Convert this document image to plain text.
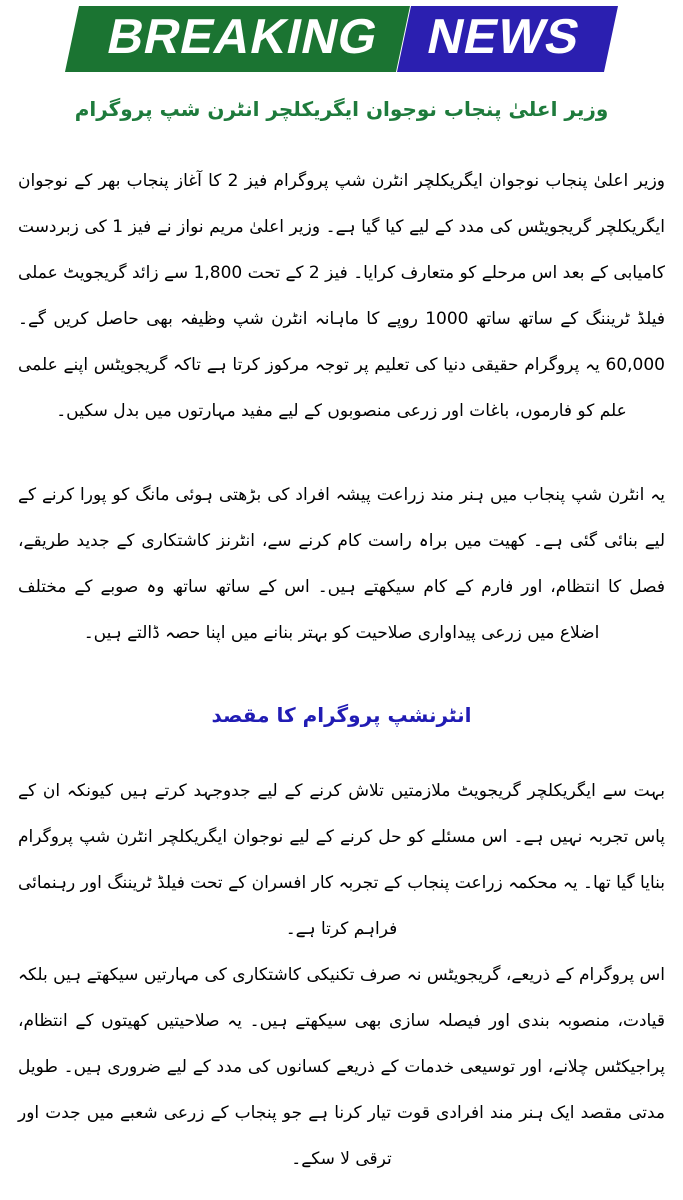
BREAKING NEWS
وزیر اعلیٰ پنجاب نوجوان ایگریکلچر انٹرن شپ پروگرام

وزیر اعلیٰ پنجاب نوجوان ایگریکلچر انٹرن شپ پروگرام فیز 2 کا آغاز پنجاب بھر کے نوجوان ایگریکلچر گریجویٹس کی مدد کے لیے کیا گیا ہے۔ وزیر اعلیٰ مریم نواز نے فیز 1 کی زبردست کامیابی کے بعد اس مرحلے کو متعارف کرایا۔ فیز 2 کے تحت 1,800 سے زائد گریجویٹ عملی فیلڈ ٹریننگ کے ساتھ ساتھ 1000 روپے کا ماہانہ انٹرن شپ وظیفہ بھی حاصل کریں گے۔60,000 یہ پروگرام حقیقی دنیا کی تعلیم پر توجہ مرکوز کرتا ہے تاکہ گریجویٹس اپنے علمی علم کو فارموں، باغات اور زرعی منصوبوں کے لیے مفید مہارتوں میں بدل سکیں۔

یہ انٹرن شپ پنجاب میں ہنر مند زراعت پیشہ افراد کی بڑھتی ہوئی مانگ کو پورا کرنے کے لیے بنائی گئی ہے۔ کھیت میں براہ راست کام کرنے سے، انٹرنز کاشتکاری کے جدید طریقے، فصل کا انتظام، اور فارم کے کام سیکھتے ہیں۔ اس کے ساتھ ساتھ وہ صوبے کے مختلف اضلاع میں زرعی پیداواری صلاحیت کو بہتر بنانے میں اپنا حصہ ڈالتے ہیں۔

انٹرنشپ پروگرام کا مقصد

بہت سے ایگریکلچر گریجویٹ ملازمتیں تلاش کرنے کے لیے جدوجہد کرتے ہیں کیونکہ ان کے پاس تجربہ نہیں ہے۔ اس مسئلے کو حل کرنے کے لیے نوجوان ایگریکلچر انٹرن شپ پروگرام بنایا گیا تھا۔ یہ محکمہ زراعت پنجاب کے تجربہ کار افسران کے تحت فیلڈ ٹریننگ اور رہنمائی فراہم کرتا ہے۔

اس پروگرام کے ذریعے، گریجویٹس نہ صرف تکنیکی کاشتکاری کی مہارتیں سیکھتے ہیں بلکہ قیادت، منصوبہ بندی اور فیصلہ سازی بھی سیکھتے ہیں۔ یہ صلاحیتیں کھیتوں کے انتظام، پراجیکٹس چلانے، اور توسیعی خدمات کے ذریعے کسانوں کی مدد کے لیے ضروری ہیں۔ طویل مدتی مقصد ایک ہنر مند افرادی قوت تیار کرنا ہے جو پنجاب کے زرعی شعبے میں جدت اور ترقی لا سکے۔
